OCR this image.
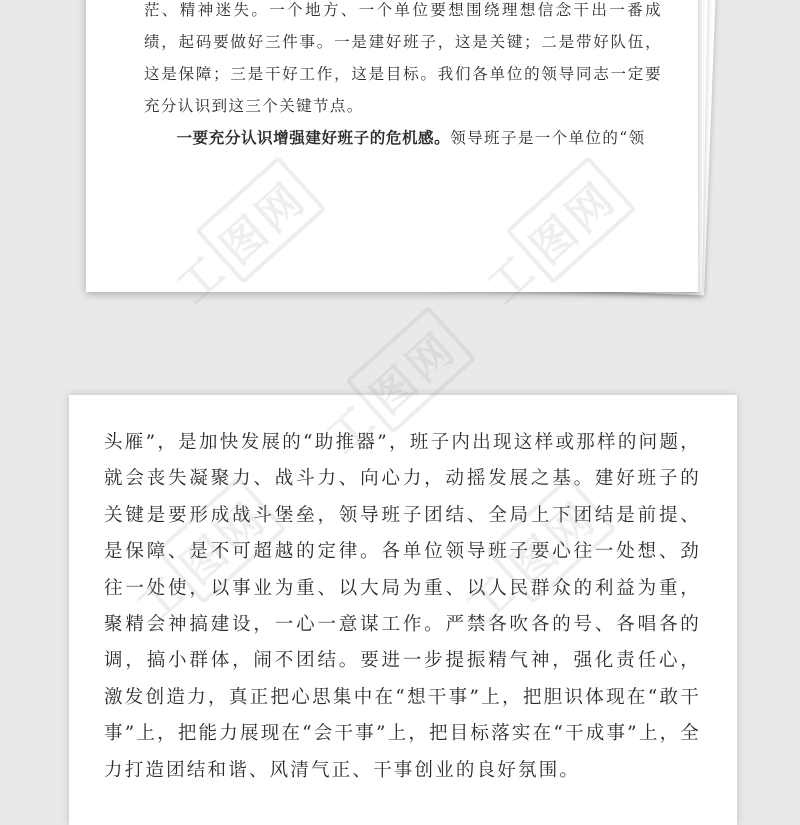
茫、精神迷失。一个地方、一个单位要想围绕理想信念干出一番成绩，起码要做好三件事。一是建好班子，这是关键；二是带好队伍，这是保障；三是干好工作，这是目标。我们各单位的领导同志一定要充分认识到这三个关键节点。

一要充分认识增强建好班子的危机感。领导班子是一个单位的“领

头雁”，是加快发展的“助推器”，班子内出现这样或那样的问题，就会丧失凝聚力、战斗力、向心力，动摇发展之基。建好班子的关键是要形成战斗堡垒，领导班子团结、全局上下团结是前提、是保障、是不可超越的定律。各单位领导班子要心往一处想、劲往一处使，以事业为重、以大局为重、以人民群众的利益为重，聚精会神搞建设，一心一意谋工作。严禁各吹各的号、各唱各的调，搞小群体，闹不团结。要进一步提振精气神，强化责任心，激发创造力，真正把心思集中在“想干事”上，把胆识体现在“敢干事”上，把能力展现在“会干事”上，把目标落实在“干成事”上，全力打造团结和谐、风清气正、干事创业的良好氛围。

图网
